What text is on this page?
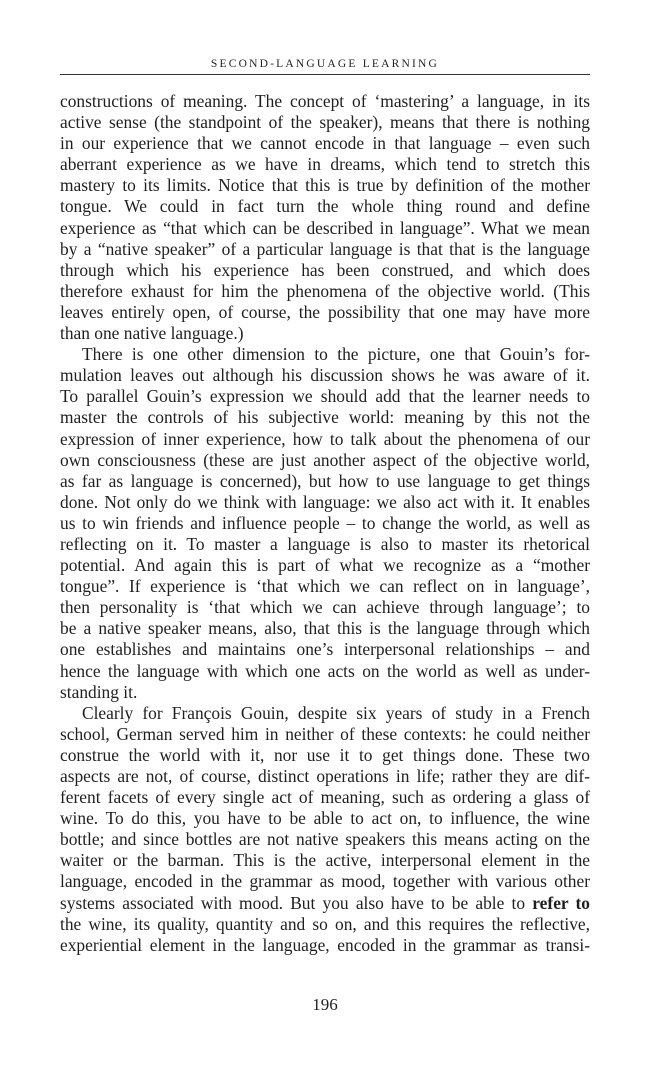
SECOND-LANGUAGE LEARNING

constructions of meaning. The concept of ‘mastering’ a language, in its
active sense (the standpoint of the speaker), means that there is nothing
in our experience that we cannot encode in that language – even such
aberrant experience as we have in dreams, which tend to stretch this
mastery to its limits. Notice that this is true by definition of the mother
tongue. We could in fact turn the whole thing round and define
experience as “that which can be described in language”. What we mean
by a “native speaker” of a particular language is that that is the language
through which his experience has been construed, and which does
therefore exhaust for him the phenomena of the objective world. (This
leaves entirely open, of course, the possibility that one may have more
than one native language.)

There is one other dimension to the picture, one that Gouin’s for-
mulation leaves out although his discussion shows he was aware of it.
To parallel Gouin’s expression we should add that the learner needs to
master the controls of his subjective world: meaning by this not the
expression of inner experience, how to talk about the phenomena of our
own consciousness (these are just another aspect of the objective world,
as far as language is concerned), but how to use language to get things
done. Not only do we think with language: we also act with it. It enables
us to win friends and influence people – to change the world, as well as
reflecting on it. To master a language is also to master its rhetorical
potential. And again this is part of what we recognize as a “mother
tongue”. If experience is ‘that which we can reflect on in language’,
then personality is ‘that which we can achieve through language’; to
be a native speaker means, also, that this is the language through which
one establishes and maintains one’s interpersonal relationships – and
hence the language with which one acts on the world as well as under-
standing it.

Clearly for François Gouin, despite six years of study in a French
school, German served him in neither of these contexts: he could neither
construe the world with it, nor use it to get things done. These two
aspects are not, of course, distinct operations in life; rather they are dif-
ferent facets of every single act of meaning, such as ordering a glass of
wine. To do this, you have to be able to act on, to influence, the wine
bottle; and since bottles are not native speakers this means acting on the
waiter or the barman. This is the active, interpersonal element in the
language, encoded in the grammar as mood, together with various other
systems associated with mood. But you also have to be able to refer to
the wine, its quality, quantity and so on, and this requires the reflective,
experiential element in the language, encoded in the grammar as transi-

196
